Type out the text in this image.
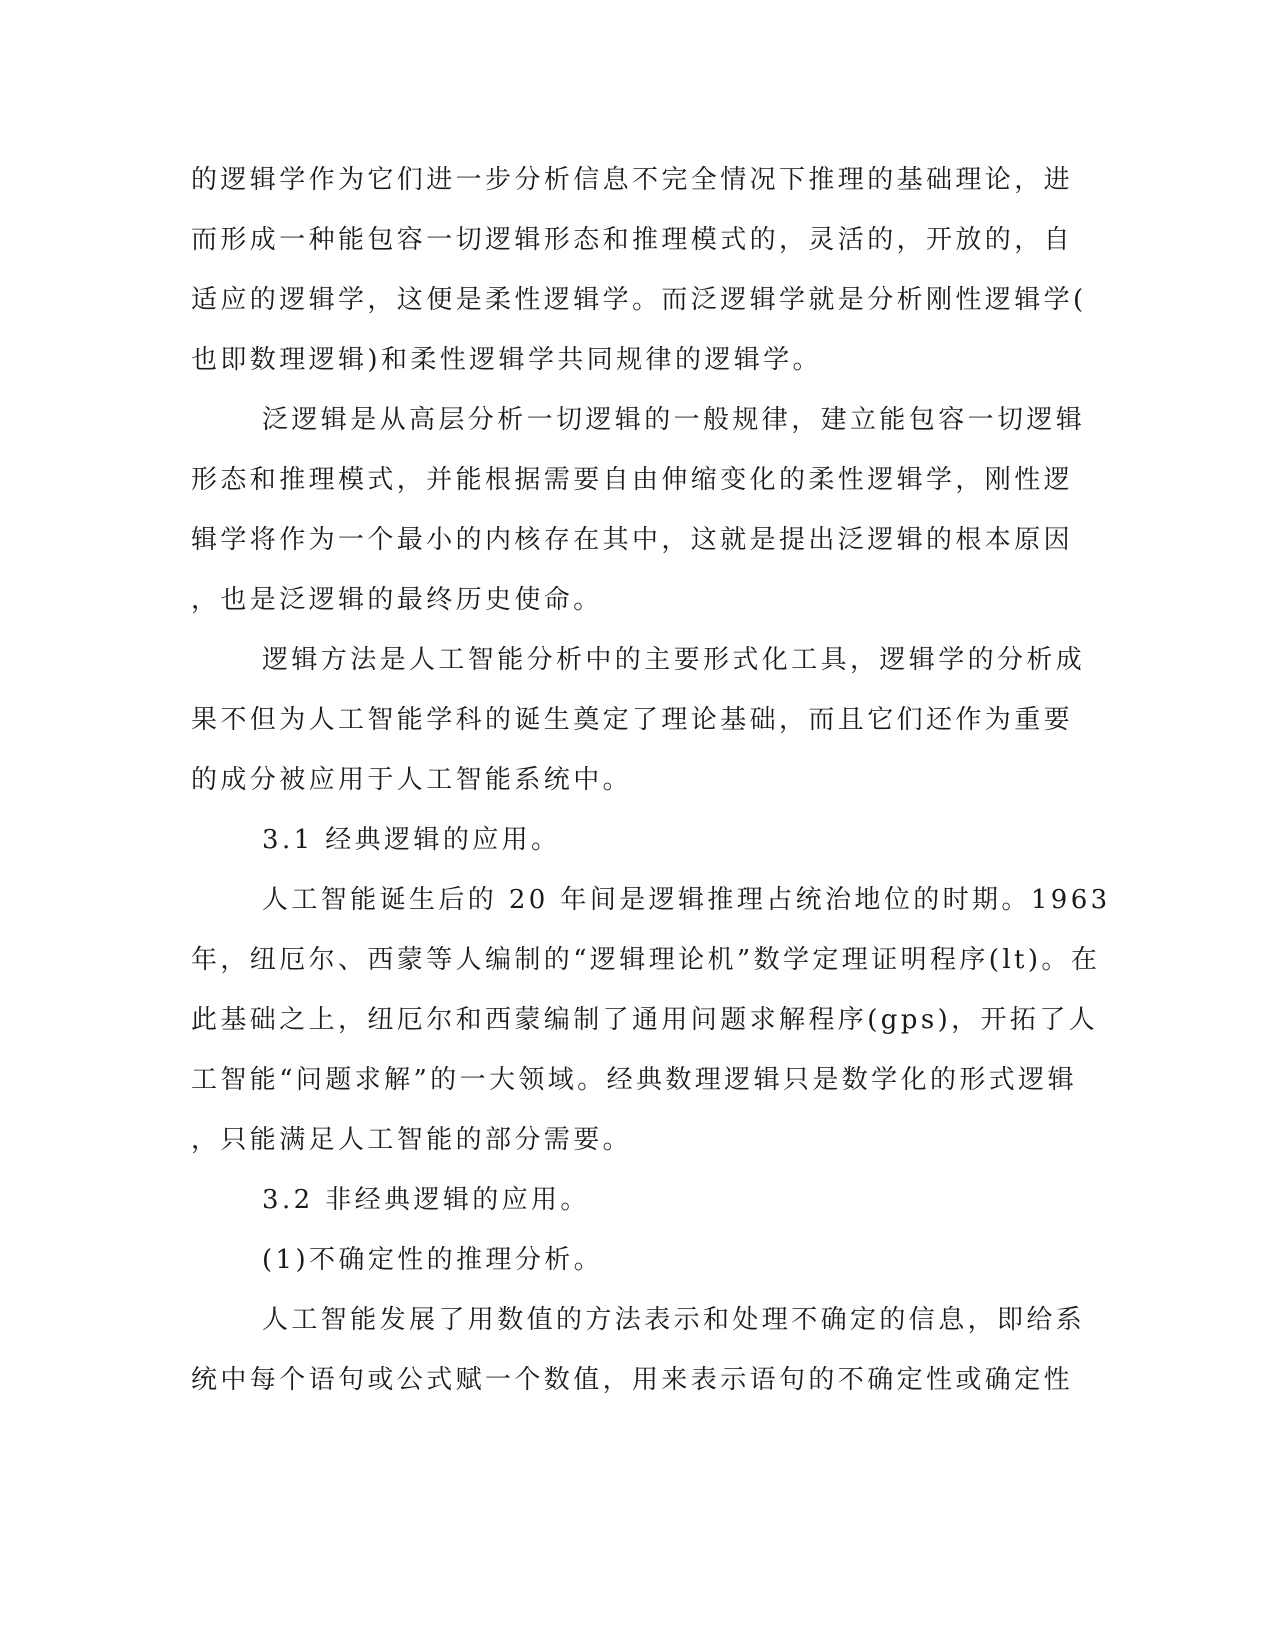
的逻辑学作为它们进一步分析信息不完全情况下推理的基础理论，进

而形成一种能包容一切逻辑形态和推理模式的，灵活的，开放的，自

适应的逻辑学，这便是柔性逻辑学。而泛逻辑学就是分析刚性逻辑学(

也即数理逻辑)和柔性逻辑学共同规律的逻辑学。

泛逻辑是从高层分析一切逻辑的一般规律，建立能包容一切逻辑

形态和推理模式，并能根据需要自由伸缩变化的柔性逻辑学，刚性逻

辑学将作为一个最小的内核存在其中，这就是提出泛逻辑的根本原因

，也是泛逻辑的最终历史使命。

逻辑方法是人工智能分析中的主要形式化工具，逻辑学的分析成

果不但为人工智能学科的诞生奠定了理论基础，而且它们还作为重要

的成分被应用于人工智能系统中。

3.1 经典逻辑的应用。

人工智能诞生后的 20 年间是逻辑推理占统治地位的时期。1963

年，纽厄尔、西蒙等人编制的“逻辑理论机”数学定理证明程序(lt)。在

此基础之上，纽厄尔和西蒙编制了通用问题求解程序(gps)，开拓了人

工智能“问题求解”的一大领域。经典数理逻辑只是数学化的形式逻辑

，只能满足人工智能的部分需要。

3.2 非经典逻辑的应用。

(1)不确定性的推理分析。

人工智能发展了用数值的方法表示和处理不确定的信息，即给系

统中每个语句或公式赋一个数值，用来表示语句的不确定性或确定性
